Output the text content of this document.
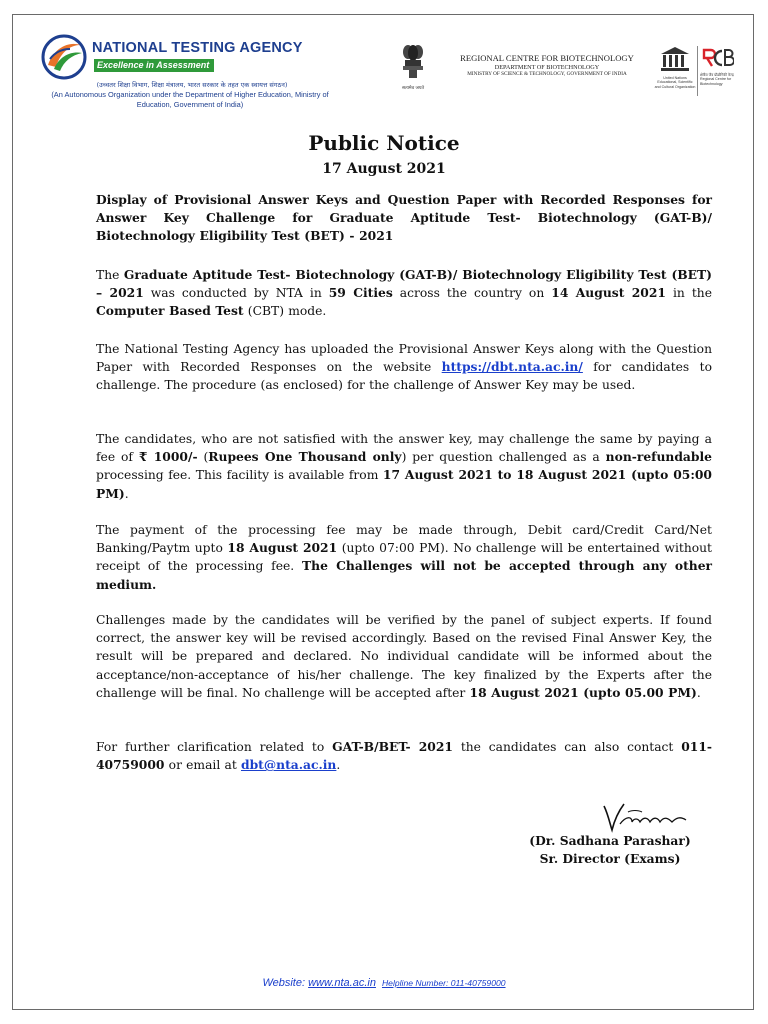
NATIONAL TESTING AGENCY
Excellence in Assessment
(उच्चतर शिक्षा विभाग, शिक्षा मंत्रालय, भारत सरकार के तहत एक स्वायत्त संगठन)
(An Autonomous Organization under the Department of Higher Education, Ministry of Education, Government of India)
सत्यमेव जयते
REGIONAL CENTRE FOR BIOTECHNOLOGY
DEPARTMENT OF BIOTECHNOLOGY
MINISTRY OF SCIENCE & TECHNOLOGY, GOVERNMENT OF INDIA
United Nations Educational, Scientific and Cultural Organization
क्षेत्रीय जैव प्रौद्योगिकी केन्द्र Regional Centre for Biotechnology
Public Notice
17 August 2021
Display of Provisional Answer Keys and Question Paper with Recorded Responses for Answer Key Challenge for Graduate Aptitude Test- Biotechnology (GAT-B)/ Biotechnology Eligibility Test (BET) - 2021
The Graduate Aptitude Test- Biotechnology (GAT-B)/ Biotechnology Eligibility Test (BET) – 2021 was conducted by NTA in 59 Cities across the country on 14 August 2021 in the Computer Based Test (CBT) mode.
The National Testing Agency has uploaded the Provisional Answer Keys along with the Question Paper with Recorded Responses on the website https://dbt.nta.ac.in/ for candidates to challenge. The procedure (as enclosed) for the challenge of Answer Key may be used.
The candidates, who are not satisfied with the answer key, may challenge the same by paying a fee of ₹ 1000/- (Rupees One Thousand only) per question challenged as a non-refundable processing fee. This facility is available from 17 August 2021 to 18 August 2021 (upto 05:00 PM).
The payment of the processing fee may be made through, Debit card/Credit Card/Net Banking/Paytm upto 18 August 2021 (upto 07:00 PM). No challenge will be entertained without receipt of the processing fee. The Challenges will not be accepted through any other medium.
Challenges made by the candidates will be verified by the panel of subject experts. If found correct, the answer key will be revised accordingly. Based on the revised Final Answer Key, the result will be prepared and declared. No individual candidate will be informed about the acceptance/non-acceptance of his/her challenge. The key finalized by the Experts after the challenge will be final. No challenge will be accepted after 18 August 2021 (upto 05.00 PM).
For further clarification related to GAT-B/BET- 2021 the candidates can also contact 011-40759000 or email at dbt@nta.ac.in.
(Dr. Sadhana Parashar)
Sr. Director (Exams)
Website: www.nta.ac.in Helpline Number: 011-40759000
